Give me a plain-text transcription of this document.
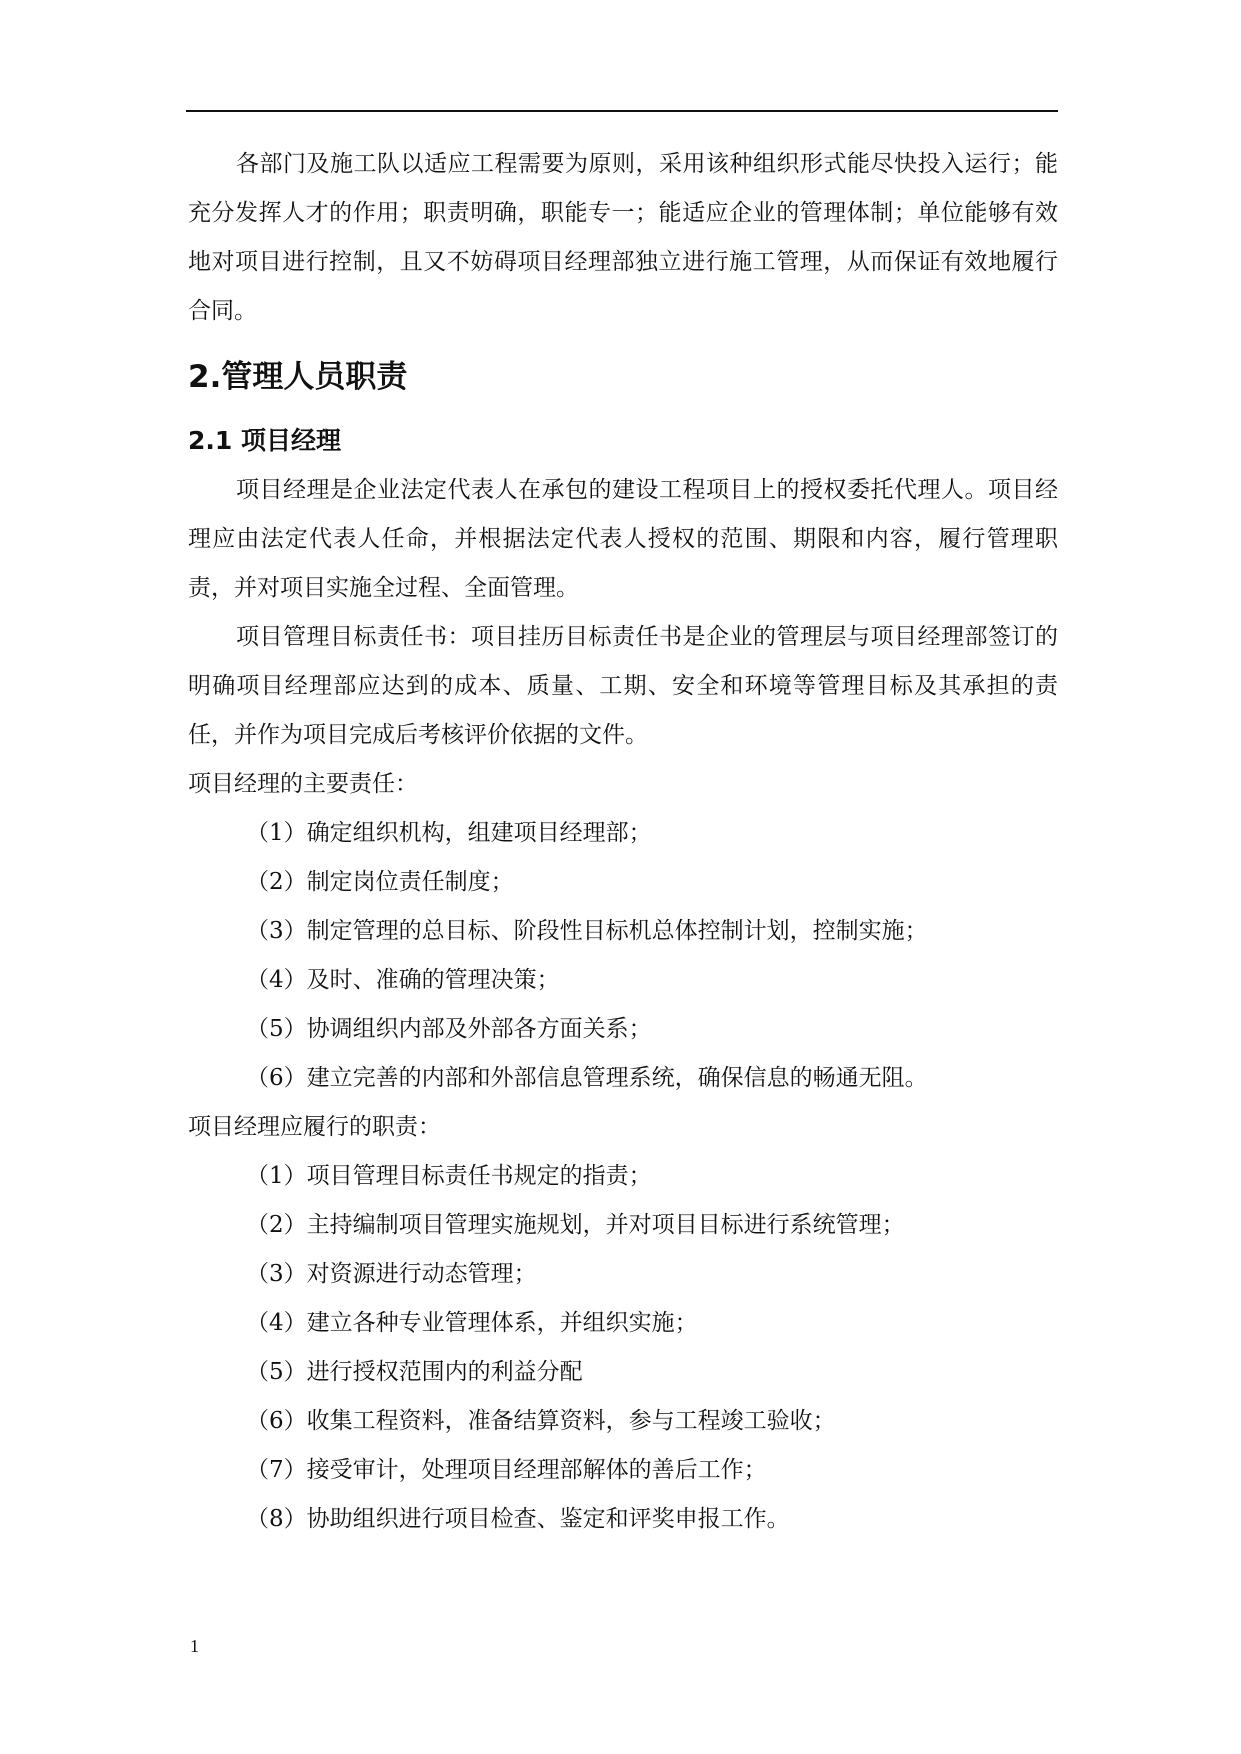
各部门及施工队以适应工程需要为原则，采用该种组织形式能尽快投入运行；能充分发挥人才的作用；职责明确，职能专一；能适应企业的管理体制；单位能够有效地对项目进行控制，且又不妨碍项目经理部独立进行施工管理，从而保证有效地履行合同。

2.管理人员职责
2.1 项目经理

项目经理是企业法定代表人在承包的建设工程项目上的授权委托代理人。项目经理应由法定代表人任命，并根据法定代表人授权的范围、期限和内容，履行管理职责，并对项目实施全过程、全面管理。

项目管理目标责任书：项目挂历目标责任书是企业的管理层与项目经理部签订的明确项目经理部应达到的成本、质量、工期、安全和环境等管理目标及其承担的责任，并作为项目完成后考核评价依据的文件。

项目经理的主要责任：

（1）确定组织机构，组建项目经理部；

（2）制定岗位责任制度；

（3）制定管理的总目标、阶段性目标机总体控制计划，控制实施；

（4）及时、准确的管理决策；

（5）协调组织内部及外部各方面关系；

（6）建立完善的内部和外部信息管理系统，确保信息的畅通无阻。

项目经理应履行的职责：

（1）项目管理目标责任书规定的指责；

（2）主持编制项目管理实施规划，并对项目目标进行系统管理；

（3）对资源进行动态管理；

（4）建立各种专业管理体系，并组织实施；

（5）进行授权范围内的利益分配

（6）收集工程资料，准备结算资料，参与工程竣工验收；

（7）接受审计，处理项目经理部解体的善后工作；

（8）协助组织进行项目检查、鉴定和评奖申报工作。

1
